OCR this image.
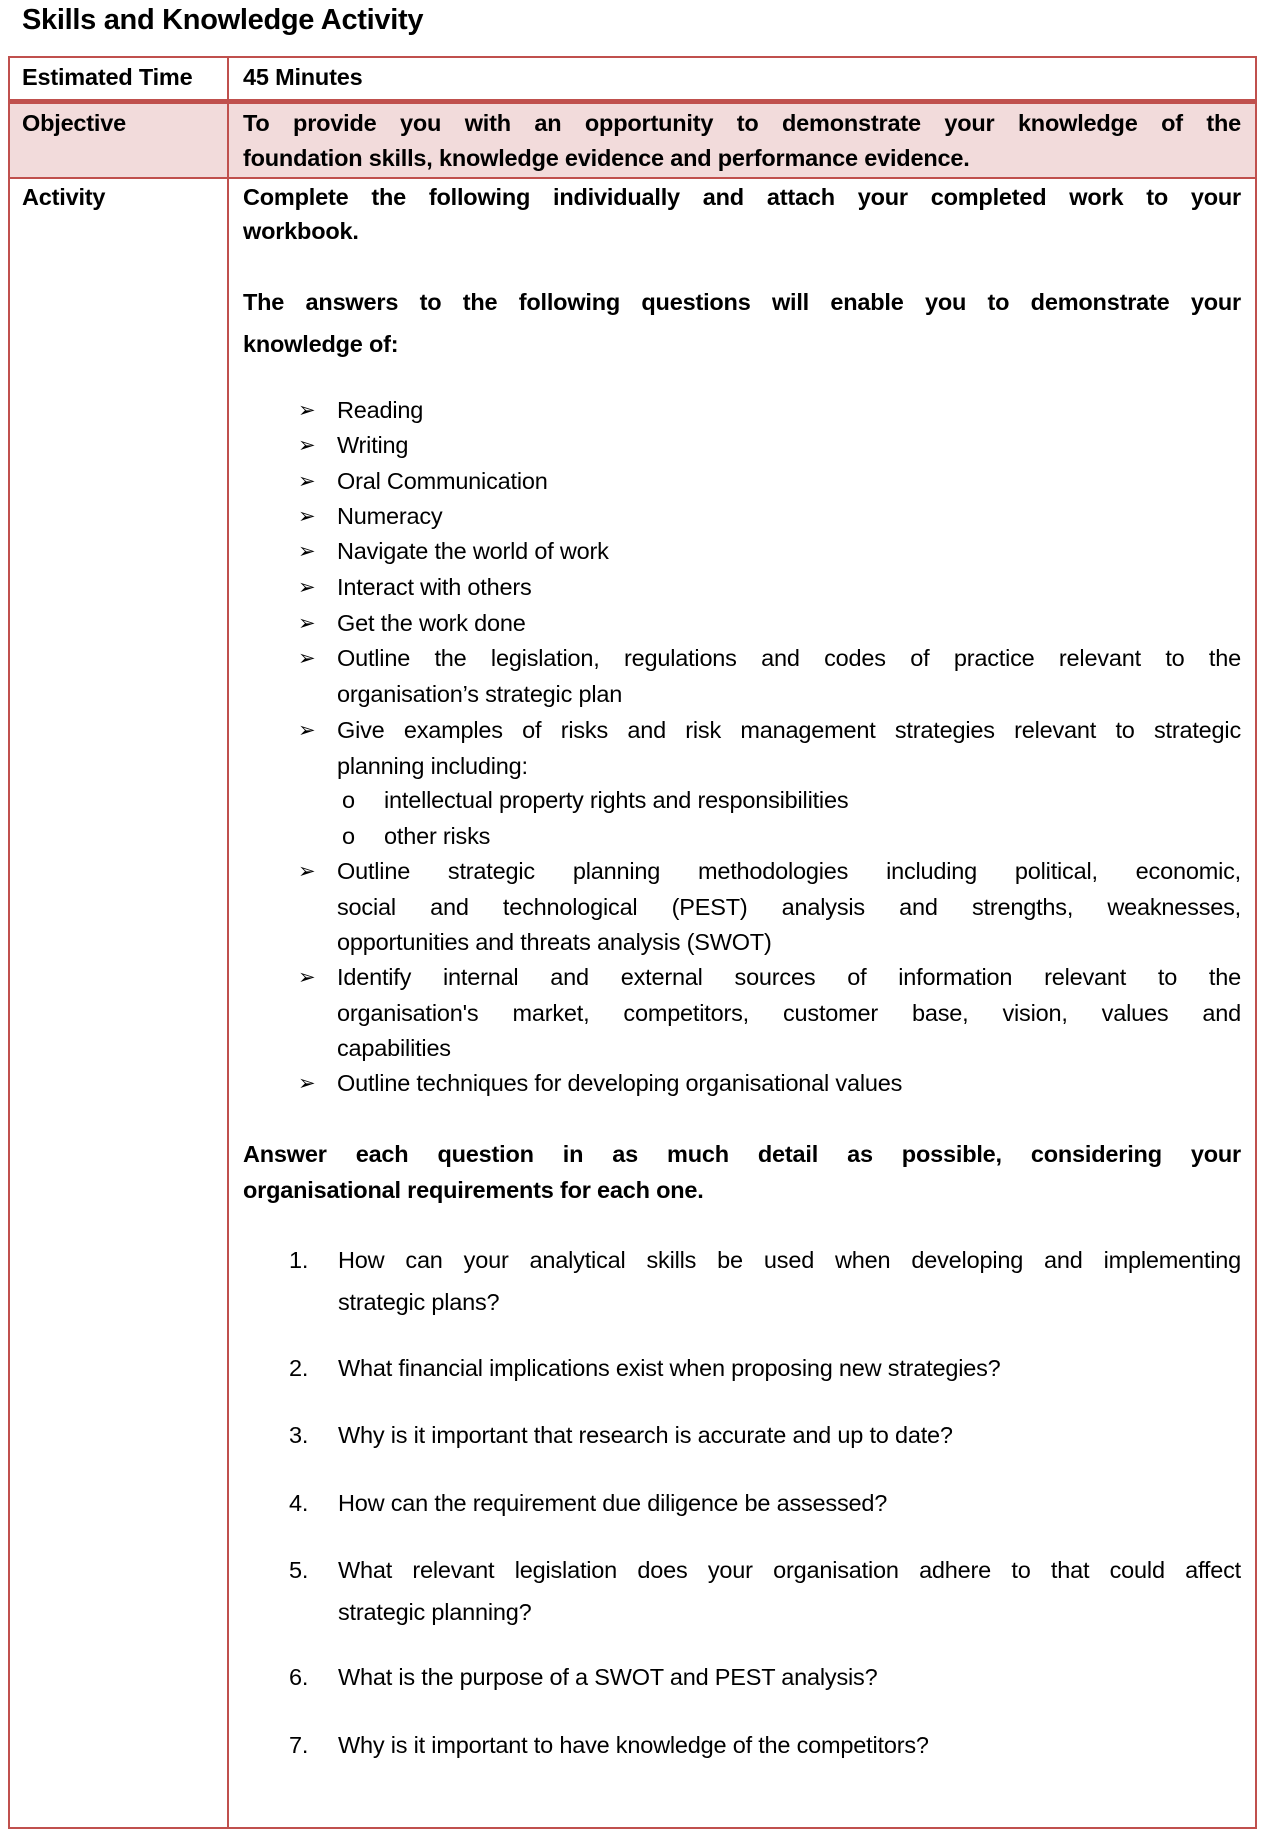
Skills and Knowledge Activity
Estimated Time 45 Minutes
Objective	To provide you with an opportunity to demonstrate your knowledge of the
foundation skills, knowledge evidence and performance evidence.
Activity	Complete the following individually and attach your completed work to your
workbook.
The answers to the following questions will enable you to demonstrate your
knowledge of:
➢ Reading
➢ Writing
➢ Oral Communication
➢ Numeracy
➢ Navigate the world of work
➢ Interact with others
➢ Get the work done
➢ Outline the legislation, regulations and codes of practice relevant to the
organisation’s strategic plan
➢ Give examples of risks and risk management strategies relevant to strategic
planning including:
➢ Outline strategic planning methodologies including political, economic,
social and technological (PEST) analysis and strengths, weaknesses,
opportunities and threats analysis (SWOT)
➢ Identify internal and external sources of information relevant to the
organisation's market, competitors, customer base, vision, values and
capabilities
➢ Outline techniques for developing organisational values
o intellectual property rights and responsibilities
o other risks
Answer each question in as much detail as possible, considering your
organisational requirements for each one.
1. How can your analytical skills be used when developing and implementing
strategic plans?
2. What financial implications exist when proposing new strategies?
3. Why is it important that research is accurate and up to date?
4. How can the requirement due diligence be assessed?
5. What relevant legislation does your organisation adhere to that could affect
strategic planning?
6. What is the purpose of a SWOT and PEST analysis?
7. Why is it important to have knowledge of the competitors?
